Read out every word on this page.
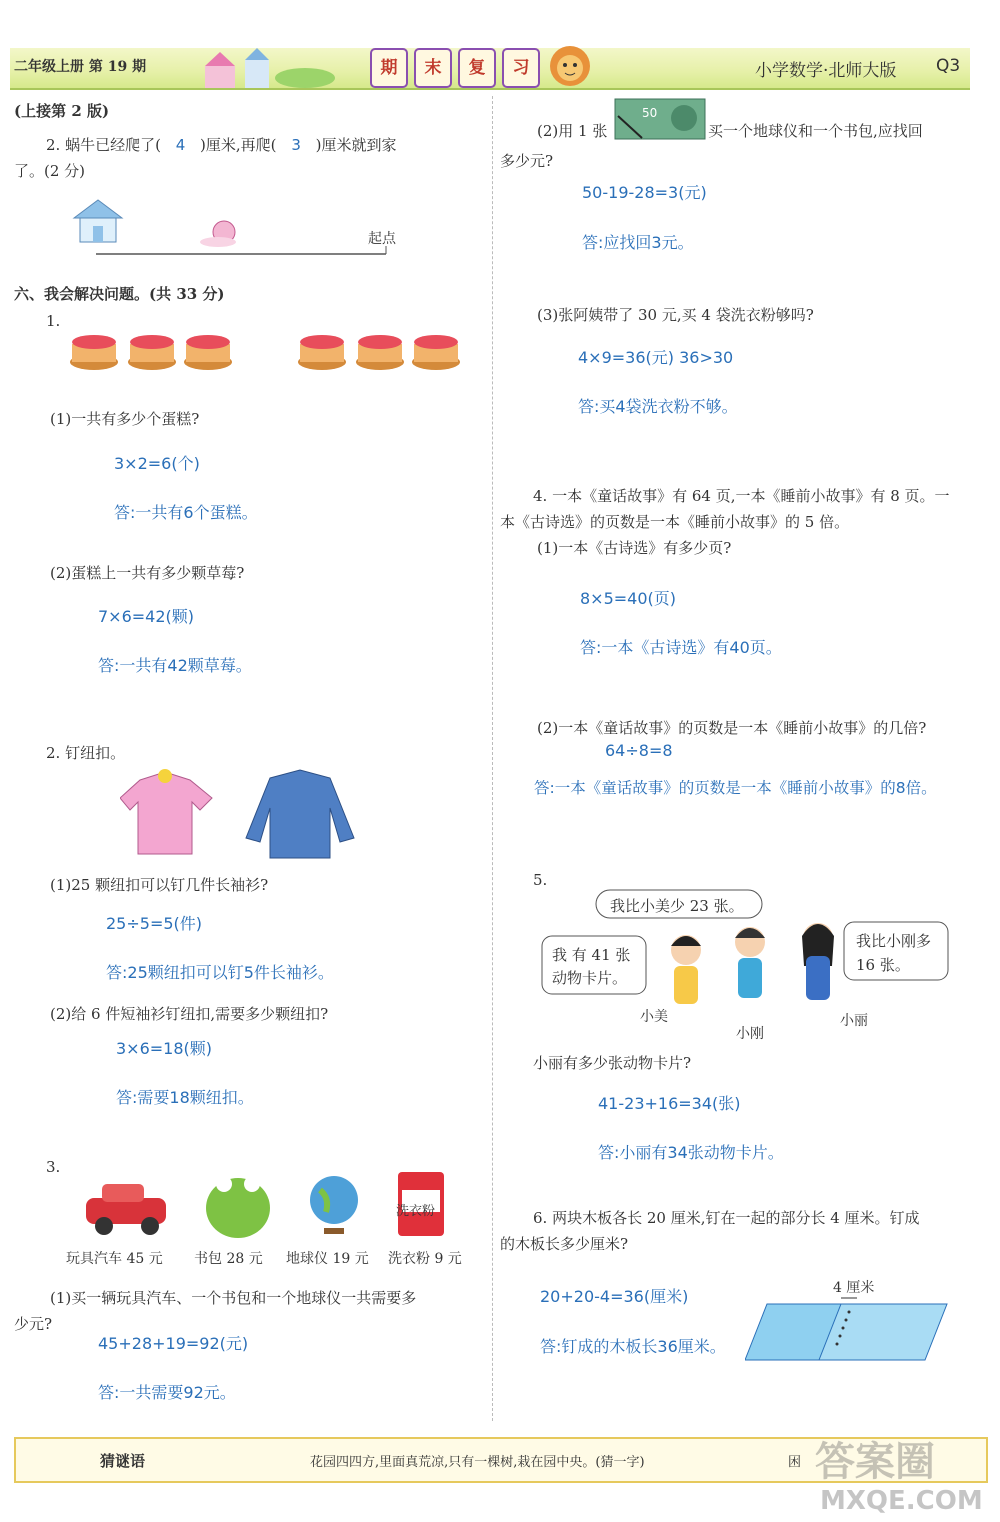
二年级上册 第 19 期	期	末	复	习	小学数学·北师大版 Q3
(上接第 2 版)
2. 蜗牛已经爬了( 4 )厘米,再爬( 3 )厘米就到家
了。(2 分)
起点
六、我会解决问题。(共 33 分)
1.
(1)一共有多少个蛋糕?
3×2=6(个)
答:一共有6个蛋糕。
(2)蛋糕上一共有多少颗草莓?
7×6=42(颗)
答:一共有42颗草莓。
2. 钉纽扣。
(1)25 颗纽扣可以钉几件长袖衫?
25÷5=5(件)
答:25颗纽扣可以钉5件长袖衫。
(2)给 6 件短袖衫钉纽扣,需要多少颗纽扣?
3×6=18(颗)
答:需要18颗纽扣。
3.
洗衣粉
玩具汽车 45 元 书包 28 元 地球仪 19 元 洗衣粉 9 元
(1)买一辆玩具汽车、一个书包和一个地球仪一共需要多
少元?
45+28+19=92(元)
答:一共需要92元。
(2)用 1 张
50
买一个地球仪和一个书包,应找回
多少元?
50-19-28=3(元)
答:应找回3元。
(3)张阿姨带了 30 元,买 4 袋洗衣粉够吗?
4×9=36(元) 36>30
答:买4袋洗衣粉不够。
4. 一本《童话故事》有 64 页,一本《睡前小故事》有 8 页。一
本《古诗选》的页数是一本《睡前小故事》的 5 倍。
(1)一本《古诗选》有多少页?
8×5=40(页)
答:一本《古诗选》有40页。
(2)一本《童话故事》的页数是一本《睡前小故事》的几倍?
64÷8=8
答:一本《童话故事》的页数是一本《睡前小故事》的8倍。
5.
我比小美少 23 张。
我 有 41 张
动物卡片。
我比小刚多
16 张。
小美
小刚
小丽
小丽有多少张动物卡片?
41-23+16=34(张)
答:小丽有34张动物卡片。
6. 两块木板各长 20 厘米,钉在一起的部分长 4 厘米。钉成
的木板长多少厘米?
4 厘米
20+20-4=36(厘米)
答:钉成的木板长36厘米。
猜谜语	花园四四方,里面真荒凉,只有一棵树,栽在园中央。(猜一字)	困 答案圈
MXQE.COM
